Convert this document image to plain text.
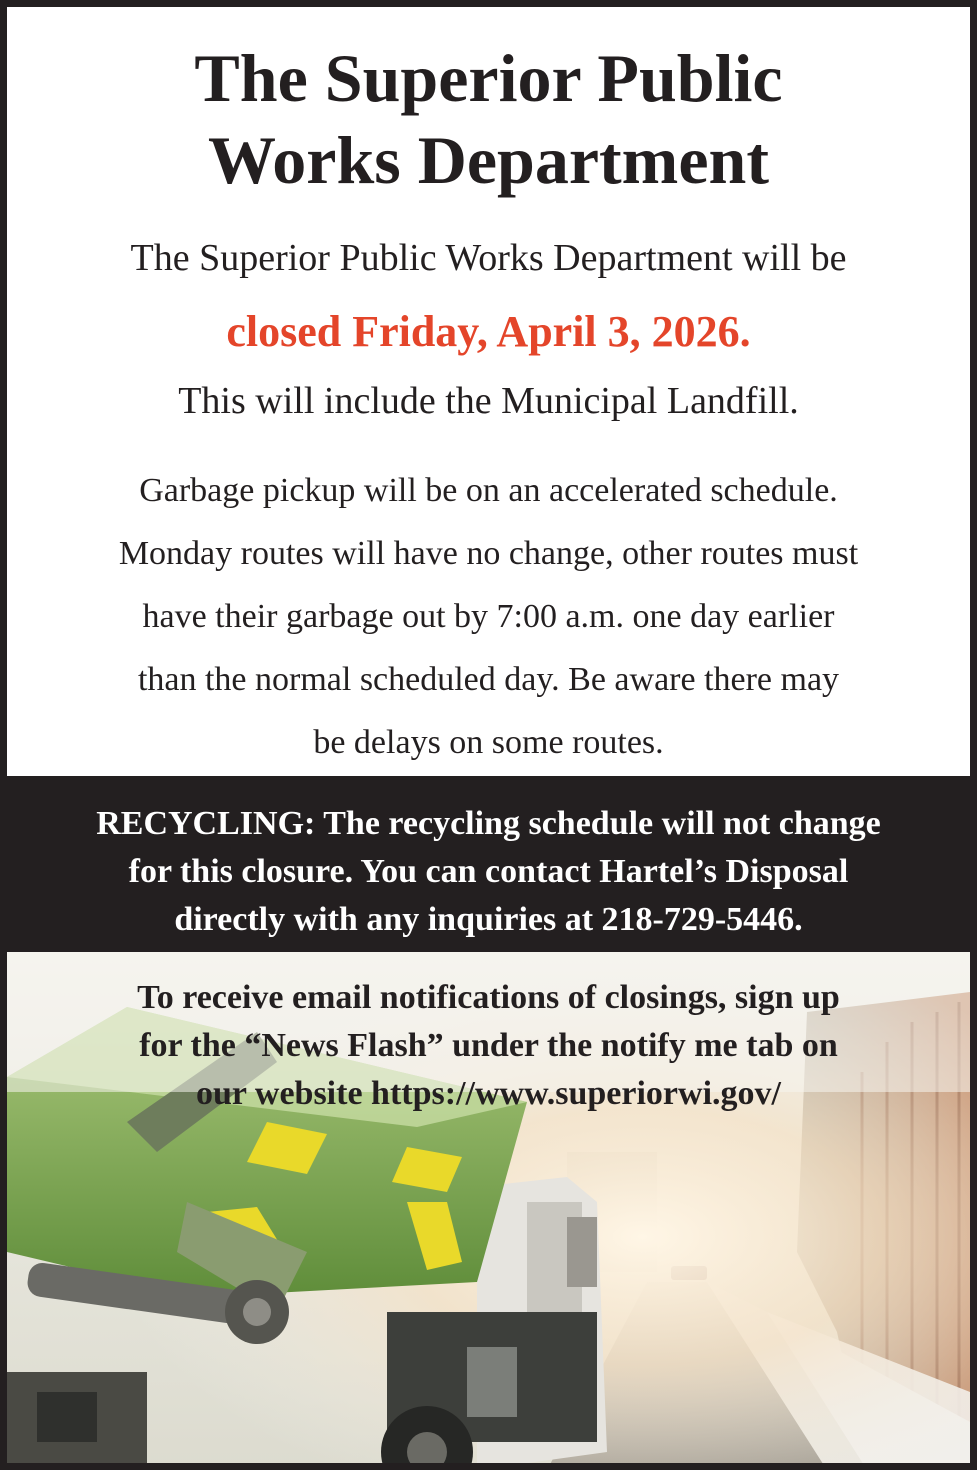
The Superior Public
Works Department

The Superior Public Works Department will be

closed Friday, April 3, 2026.

This will include the Municipal Landfill.

Garbage pickup will be on an accelerated schedule.
Monday routes will have no change, other routes must
have their garbage out by 7:00 a.m. one day earlier
than the normal scheduled day. Be aware there may
be delays on some routes.

RECYCLING: The recycling schedule will not change
for this closure. You can contact Hartel’s Disposal
directly with any inquiries at 218-729-5446.

To receive email notifications of closings, sign up
for the “News Flash” under the notify me tab on
our website https://www.superiorwi.gov/
